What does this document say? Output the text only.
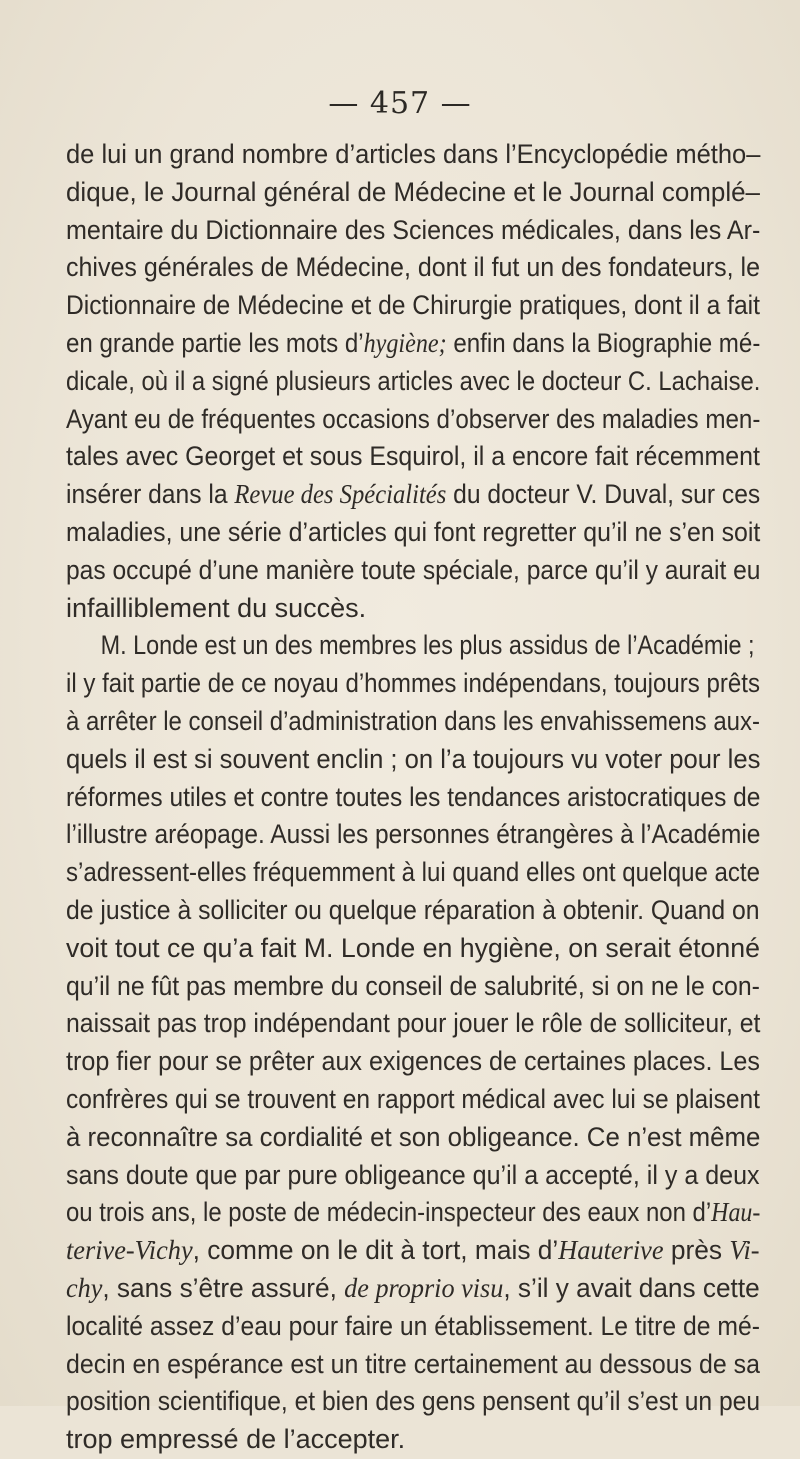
— 457 —
de lui un grand nombre d’articles dans l’Encyclopédie métho–
dique, le Journal général de Médecine et le Journal complé–
mentaire du Dictionnaire des Sciences médicales, dans les Ar-
chives générales de Médecine, dont il fut un des fondateurs, le
Dictionnaire de Médecine et de Chirurgie pratiques, dont il a fait
en grande partie les mots d’hygiène; enfin dans la Biographie mé-
dicale, où il a signé plusieurs articles avec le docteur C. Lachaise.
Ayant eu de fréquentes occasions d’observer des maladies men-
tales avec Georget et sous Esquirol, il a encore fait récemment
insérer dans la Revue des Spécialités du docteur V. Duval, sur ces
maladies, une série d’articles qui font regretter qu’il ne s’en soit
pas occupé d’une manière toute spéciale, parce qu’il y aurait eu
infailliblement du succès.
M. Londe est un des membres les plus assidus de l’Académie ;
il y fait partie de ce noyau d’hommes indépendans, toujours prêts
à arrêter le conseil d’administration dans les envahissemens aux-
quels il est si souvent enclin ; on l’a toujours vu voter pour les
réformes utiles et contre toutes les tendances aristocratiques de
l’illustre aréopage. Aussi les personnes étrangères à l’Académie
s’adressent-elles fréquemment à lui quand elles ont quelque acte
de justice à solliciter ou quelque réparation à obtenir. Quand on
voit tout ce qu’a fait M. Londe en hygiène, on serait étonné
qu’il ne fût pas membre du conseil de salubrité, si on ne le con-
naissait pas trop indépendant pour jouer le rôle de solliciteur, et
trop fier pour se prêter aux exigences de certaines places. Les
confrères qui se trouvent en rapport médical avec lui se plaisent
à reconnaître sa cordialité et son obligeance. Ce n’est même
sans doute que par pure obligeance qu’il a accepté, il y a deux
ou trois ans, le poste de médecin-inspecteur des eaux non d’Hau-
terive-Vichy, comme on le dit à tort, mais d’Hauterive près Vi-
chy, sans s’être assuré, de proprio visu, s’il y avait dans cette
localité assez d’eau pour faire un établissement. Le titre de mé-
decin en espérance est un titre certainement au dessous de sa
position scientifique, et bien des gens pensent qu’il s’est un peu
trop empressé de l’accepter.
